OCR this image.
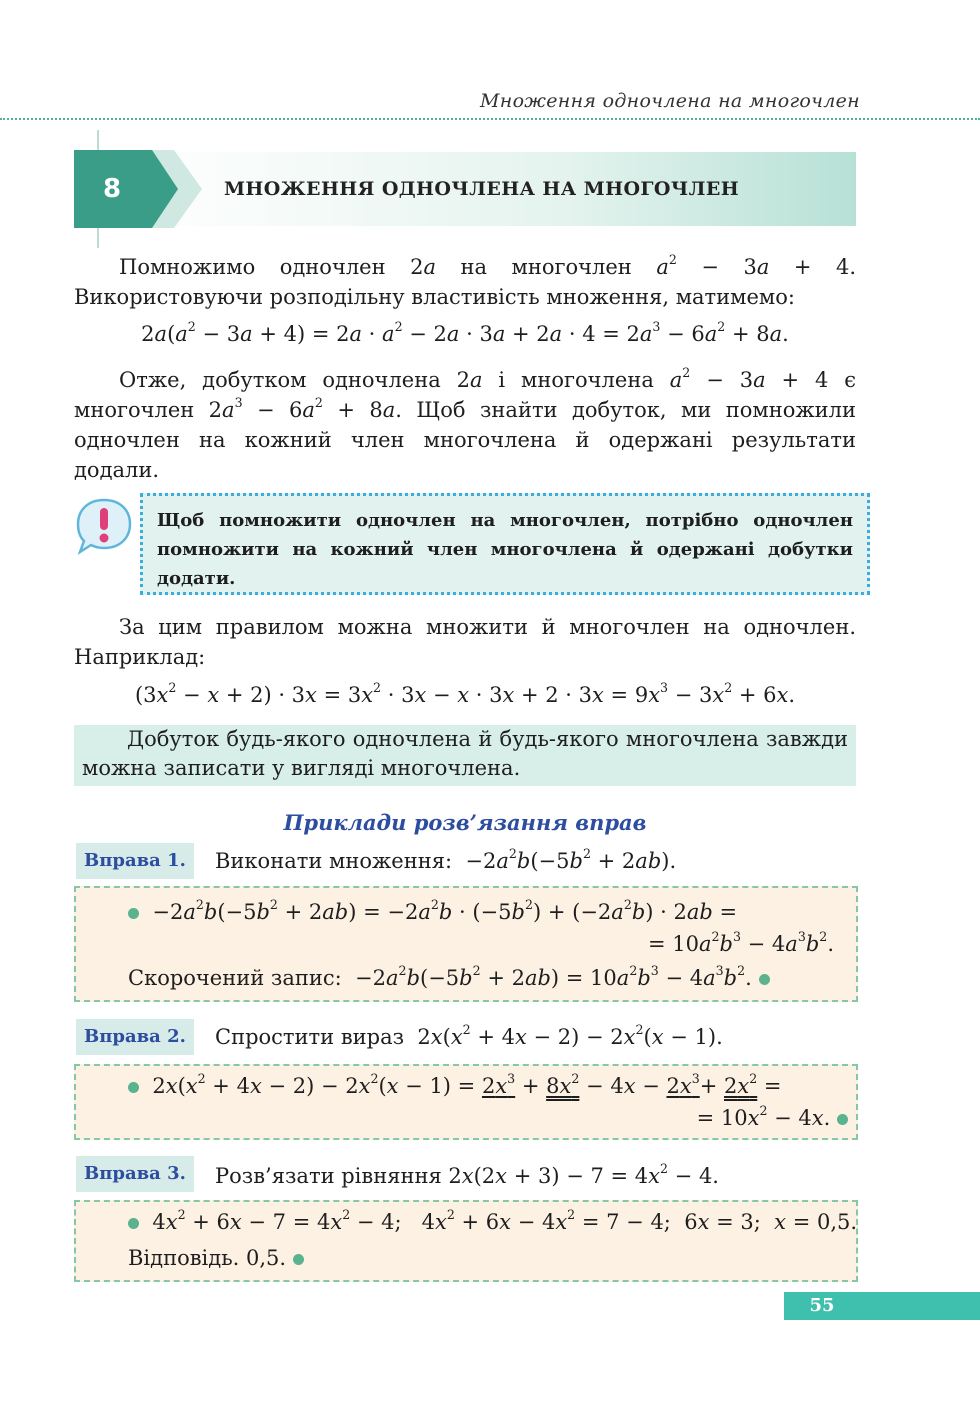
Множення одночлена на многочлен
8	МНОЖЕННЯ ОДНОЧЛЕНА НА МНОГОЧЛЕН
Помножимо одночлен 2a на многочлен $a^2 - 3a + 4$. Використовуючи розподільну властивість множення, матимемо:
$2a(a^2 - 3a + 4) = 2a \cdot a^2 - 2a \cdot 3a + 2a \cdot 4 = 2a^3 - 6a^2 + 8a$.
Отже, добутком одночлена 2a і многочлена $a^2 - 3a + 4$ є многочлен $2a^3 - 6a^2 + 8a$. Щоб знайти добуток, ми помножили одночлен на кожний член многочлена й одержані результати додали.
Щоб помножити одночлен на многочлен, потрібно одночлен помножити на кожний член многочлена й одержані добутки додати.
За цим правилом можна множити й многочлен на одночлен. Наприклад:
$(3x^2 - x + 2) \cdot 3x = 3x^2 \cdot 3x - x \cdot 3x + 2 \cdot 3x = 9x^3 - 3x^2 + 6x$.
Добуток будь-якого одночлена й будь-якого многочлена завжди можна записати у вигляді многочлена.
Приклади розв’язання вправ
Вправа 1.	Виконати множення:  $-2a^2b(-5b^2 + 2ab)$.
$-2a^2b(-5b^2 + 2ab) = -2a^2b \cdot (-5b^2) + (-2a^2b) \cdot 2ab$ =
= $10a^2b^3 - 4a^3b^2$.
Скорочений запис:  $-2a^2b(-5b^2 + 2ab) = 10a^2b^3 - 4a^3b^2$.
Вправа 2.	Спростити вираз  $2x(x^2 + 4x - 2) - 2x^2(x - 1)$.
$2x(x^2 + 4x - 2) - 2x^2(x - 1) = 2x^3 + 8x^2 - 4x - 2x^3+ 2x^2$ =
= $10x^2 - 4x$.
Вправа 3.	Розв’язати рівняння $2x(2x + 3) - 7 = 4x^2 - 4$.
$4x^2 + 6x - 7 = 4x^2 - 4$;   $4x^2 + 6x - 4x^2 = 7 - 4$;  6x = 3;  x = 0,5.
Відповідь. 0,5.
55
